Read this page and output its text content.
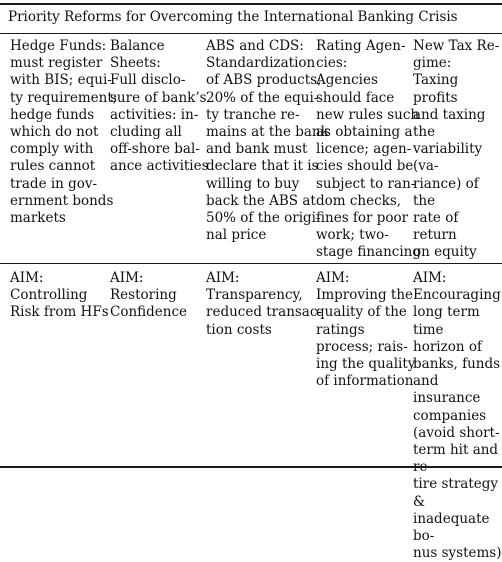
Priority Reforms for Overcoming the International Banking Crisis
Hedge Funds:
must register
with BIS; equi-
ty requirement;
hedge funds
which do not
comply with
rules cannot
trade in gov-
ernment bonds
markets
Balance
Sheets:
Full disclo-
sure of bank’s
activities: in-
cluding all
off-shore bal-
ance activities
ABS and CDS:
Standardization
of ABS products;
20% of the equi-
ty tranche re-
mains at the bank
and bank must
declare that it is
willing to buy
back the ABS at
50% of the origi-
nal price
Rating Agen-
cies:
Agencies
should face
new rules such
as obtaining a
licence; agen-
cies should be
subject to ran-
dom checks,
fines for poor
work; two-
stage financing
New Tax Re-
gime:
Taxing profits
and taxing the
variability (va-
riance) of the
rate of return
on equity
AIM:
Controlling
Risk from HFs
AIM:
Restoring
Confidence
AIM:
Transparency,
reduced transac-
tion costs
AIM:
Improving the
quality of the
ratings
process; rais-
ing the quality
of information
AIM:
Encouraging
long term time
horizon of
banks, funds
and insurance
companies
(avoid short-
term hit and
tire strategy &
inadequate bo-
nus systems)
